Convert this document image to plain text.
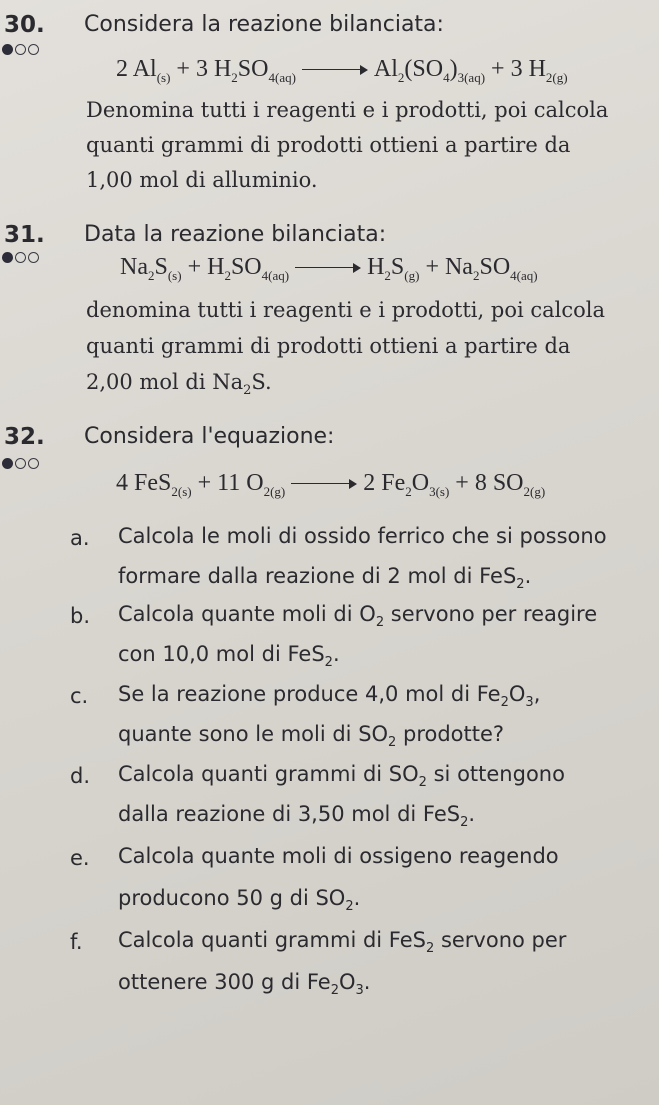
30. Considera la reazione bilanciata:
2 $Al_{(s)} + 3$ $H_2SO_{4(aq)}$	$Al_2(SO_4)_{3(aq)} + 3$ $H_{2(g)}$
Denomina tutti i reagenti e i prodotti, poi calcola
quanti grammi di prodotti ottieni a partire da
1,00 mol di alluminio.
31. Data la reazione bilanciata:
$Na_2S_{(s)} + H_2SO_{4(aq)}$	$H_2S_{(g)} + Na_2SO_{4(aq)}$
denomina tutti i reagenti e i prodotti, poi calcola
quanti grammi di prodotti ottieni a partire da
2,00 mol di $Na_2S$.
32. Considera l'equazione:
4 FeS$_{2(s)}$ + 11 $O_{2(g)}$	2 $Fe_2O_{3(s)} + 8$ $SO_{2(g)}$
a. Calcola le moli di ossido ferrico che si possono
formare dalla reazione di 2 mol di FeS$_2$.
b. Calcola quante moli di $O_2$ servono per reagire
con 10,0 mol di FeS$_2$.
c. Se la reazione produce 4,0 mol di $Fe_2O_3$,
quante sono le moli di $SO_2$ prodotte?
d. Calcola quanti grammi di $SO_2$ si ottengono
dalla reazione di 3,50 mol di FeS$_2$.
e. Calcola quante moli di ossigeno reagendo
producono 50 g di $SO_2$.
f. Calcola quanti grammi di FeS$_2$ servono per
ottenere 300 g di $Fe_2O_3$.
